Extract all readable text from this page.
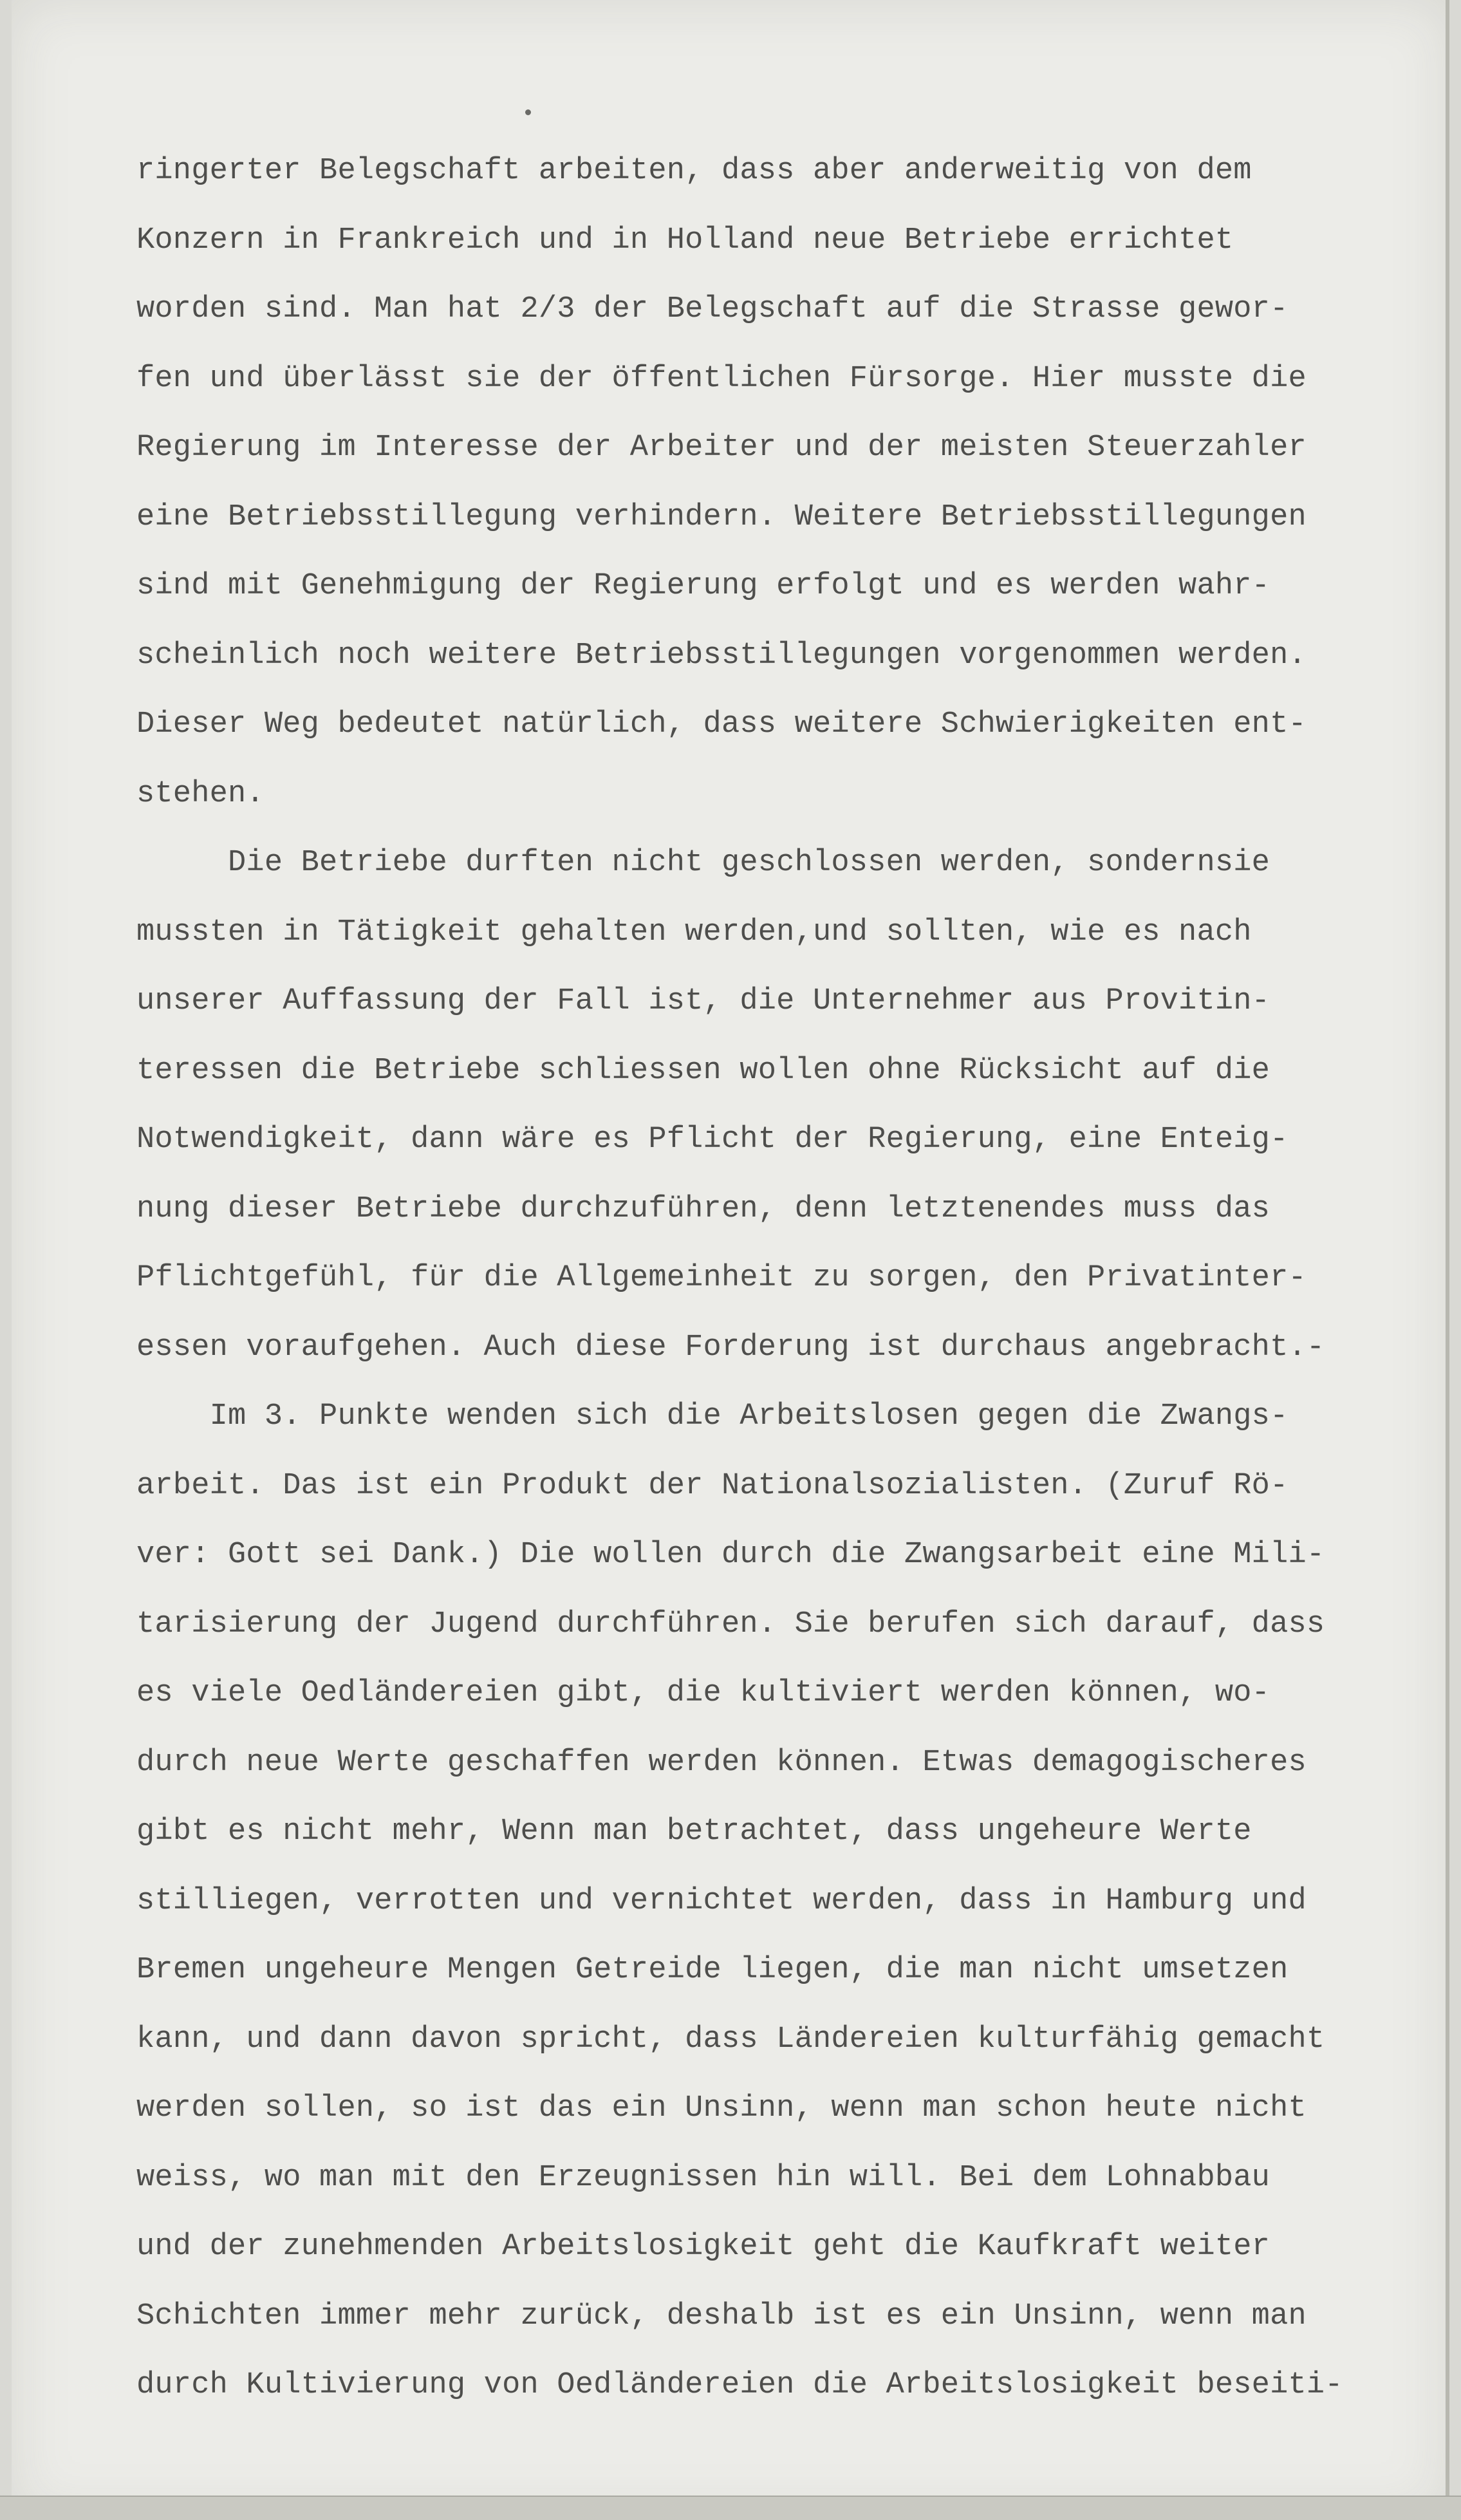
ringerter Belegschaft arbeiten, dass aber anderweitig von dem
Konzern in Frankreich und in Holland neue Betriebe errichtet
worden sind. Man hat 2/3 der Belegschaft auf die Strasse gewor-
fen und überlässt sie der öffentlichen Fürsorge. Hier musste die
Regierung im Interesse der Arbeiter und der meisten Steuerzahler
eine Betriebsstillegung verhindern. Weitere Betriebsstillegungen
sind mit Genehmigung der Regierung erfolgt und es werden wahr-
scheinlich noch weitere Betriebsstillegungen vorgenommen werden.
Dieser Weg bedeutet natürlich, dass weitere Schwierigkeiten ent-
stehen.
Die Betriebe durften nicht geschlossen werden, sondernsie
mussten in Tätigkeit gehalten werden,und sollten, wie es nach
unserer Auffassung der Fall ist, die Unternehmer aus Provitin-
teressen die Betriebe schliessen wollen ohne Rücksicht auf die
Notwendigkeit, dann wäre es Pflicht der Regierung, eine Enteig-
nung dieser Betriebe durchzuführen, denn letztenendes muss das
Pflichtgefühl, für die Allgemeinheit zu sorgen, den Privatinter-
essen voraufgehen. Auch diese Forderung ist durchaus angebracht.-
Im 3. Punkte wenden sich die Arbeitslosen gegen die Zwangs-
arbeit. Das ist ein Produkt der Nationalsozialisten. (Zuruf Rö-
ver: Gott sei Dank.) Die wollen durch die Zwangsarbeit eine Mili-
tarisierung der Jugend durchführen. Sie berufen sich darauf, dass
es viele Oedländereien gibt, die kultiviert werden können, wo-
durch neue Werte geschaffen werden können. Etwas demagogischeres
gibt es nicht mehr, Wenn man betrachtet, dass ungeheure Werte
stilliegen, verrotten und vernichtet werden, dass in Hamburg und
Bremen ungeheure Mengen Getreide liegen, die man nicht umsetzen
kann, und dann davon spricht, dass Ländereien kulturfähig gemacht
werden sollen, so ist das ein Unsinn, wenn man schon heute nicht
weiss, wo man mit den Erzeugnissen hin will. Bei dem Lohnabbau
und der zunehmenden Arbeitslosigkeit geht die Kaufkraft weiter
Schichten immer mehr zurück, deshalb ist es ein Unsinn, wenn man
durch Kultivierung von Oedländereien die Arbeitslosigkeit beseiti-
